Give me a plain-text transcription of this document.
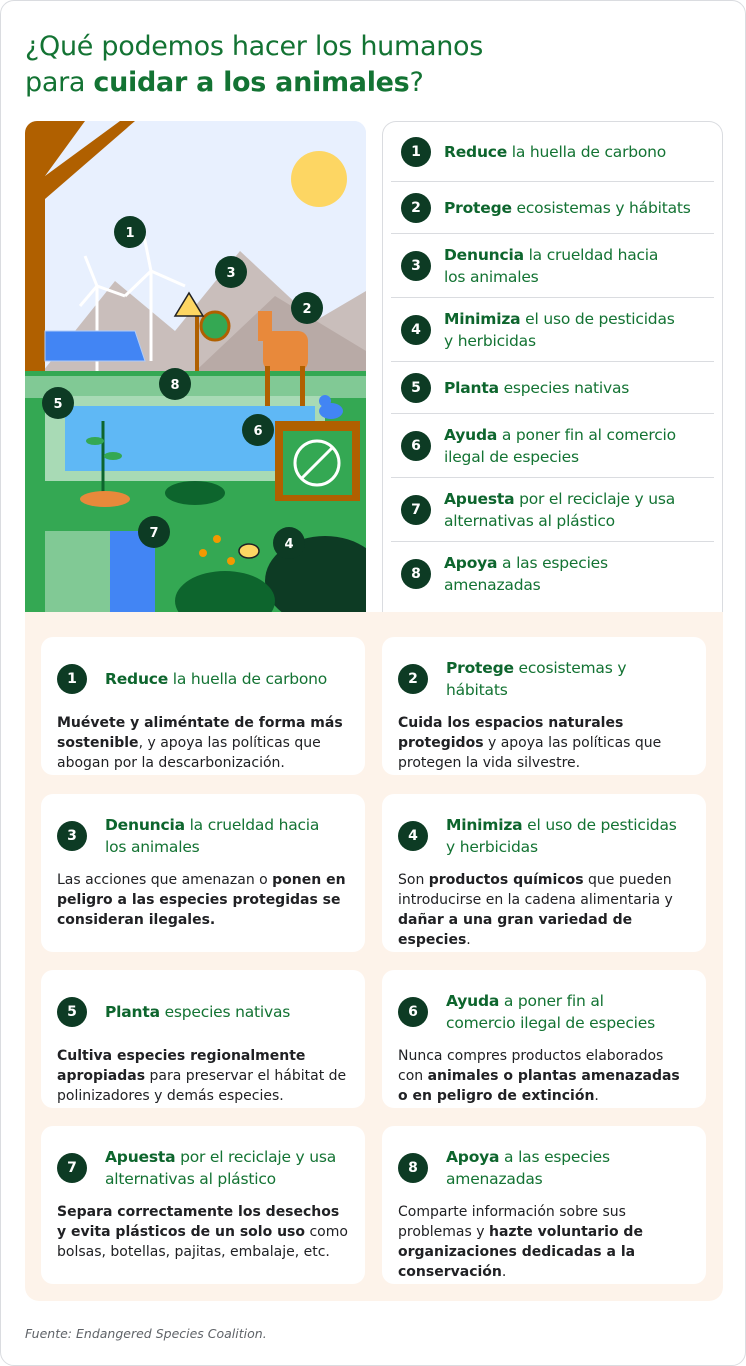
¿Qué podemos hacer los humanos
para cuidar a los animales?
1
2
3
4
5
6
7
8
1	Reduce la huella de carbono
2	Protege ecosistemas y hábitats
3
Denuncia la crueldad hacia los animales
4
Minimiza el uso de pesticidas y herbicidas
5	Planta especies nativas
6
Ayuda a poner fin al comercio ilegal de especies
7
Apuesta por el reciclaje y usa alternativas al plástico
8
Apoya a las especies amenazadas
1	Reduce la huella de carbono
Muévete y aliméntate de forma más sostenible, y apoya las políticas que abogan por la descarbonización.
2
Protege ecosistemas y hábitats
Cuida los espacios naturales protegidos y apoya las políticas que protegen la vida silvestre.
3
Denuncia la crueldad hacia los animales
Las acciones que amenazan o ponen en peligro a las especies protegidas se consideran ilegales.
4
Minimiza el uso de pesticidas y herbicidas
Son productos químicos que pueden introducirse en la cadena alimentaria y dañar a una gran variedad de especies.
5	Planta especies nativas
Cultiva especies regionalmente apropiadas para preservar el hábitat de polinizadores y demás especies.
6
Ayuda a poner fin al comercio ilegal de especies
Nunca compres productos elaborados con animales o plantas amenazadas o en peligro de extinción.
7
Apuesta por el reciclaje y usa alternativas al plástico
Separa correctamente los desechos y evita plásticos de un solo uso como bolsas, botellas, pajitas, embalaje, etc.
8
Apoya a las especies amenazadas
Comparte información sobre sus problemas y hazte voluntario de organizaciones dedicadas a la conservación.
Fuente: Endangered Species Coalition.
